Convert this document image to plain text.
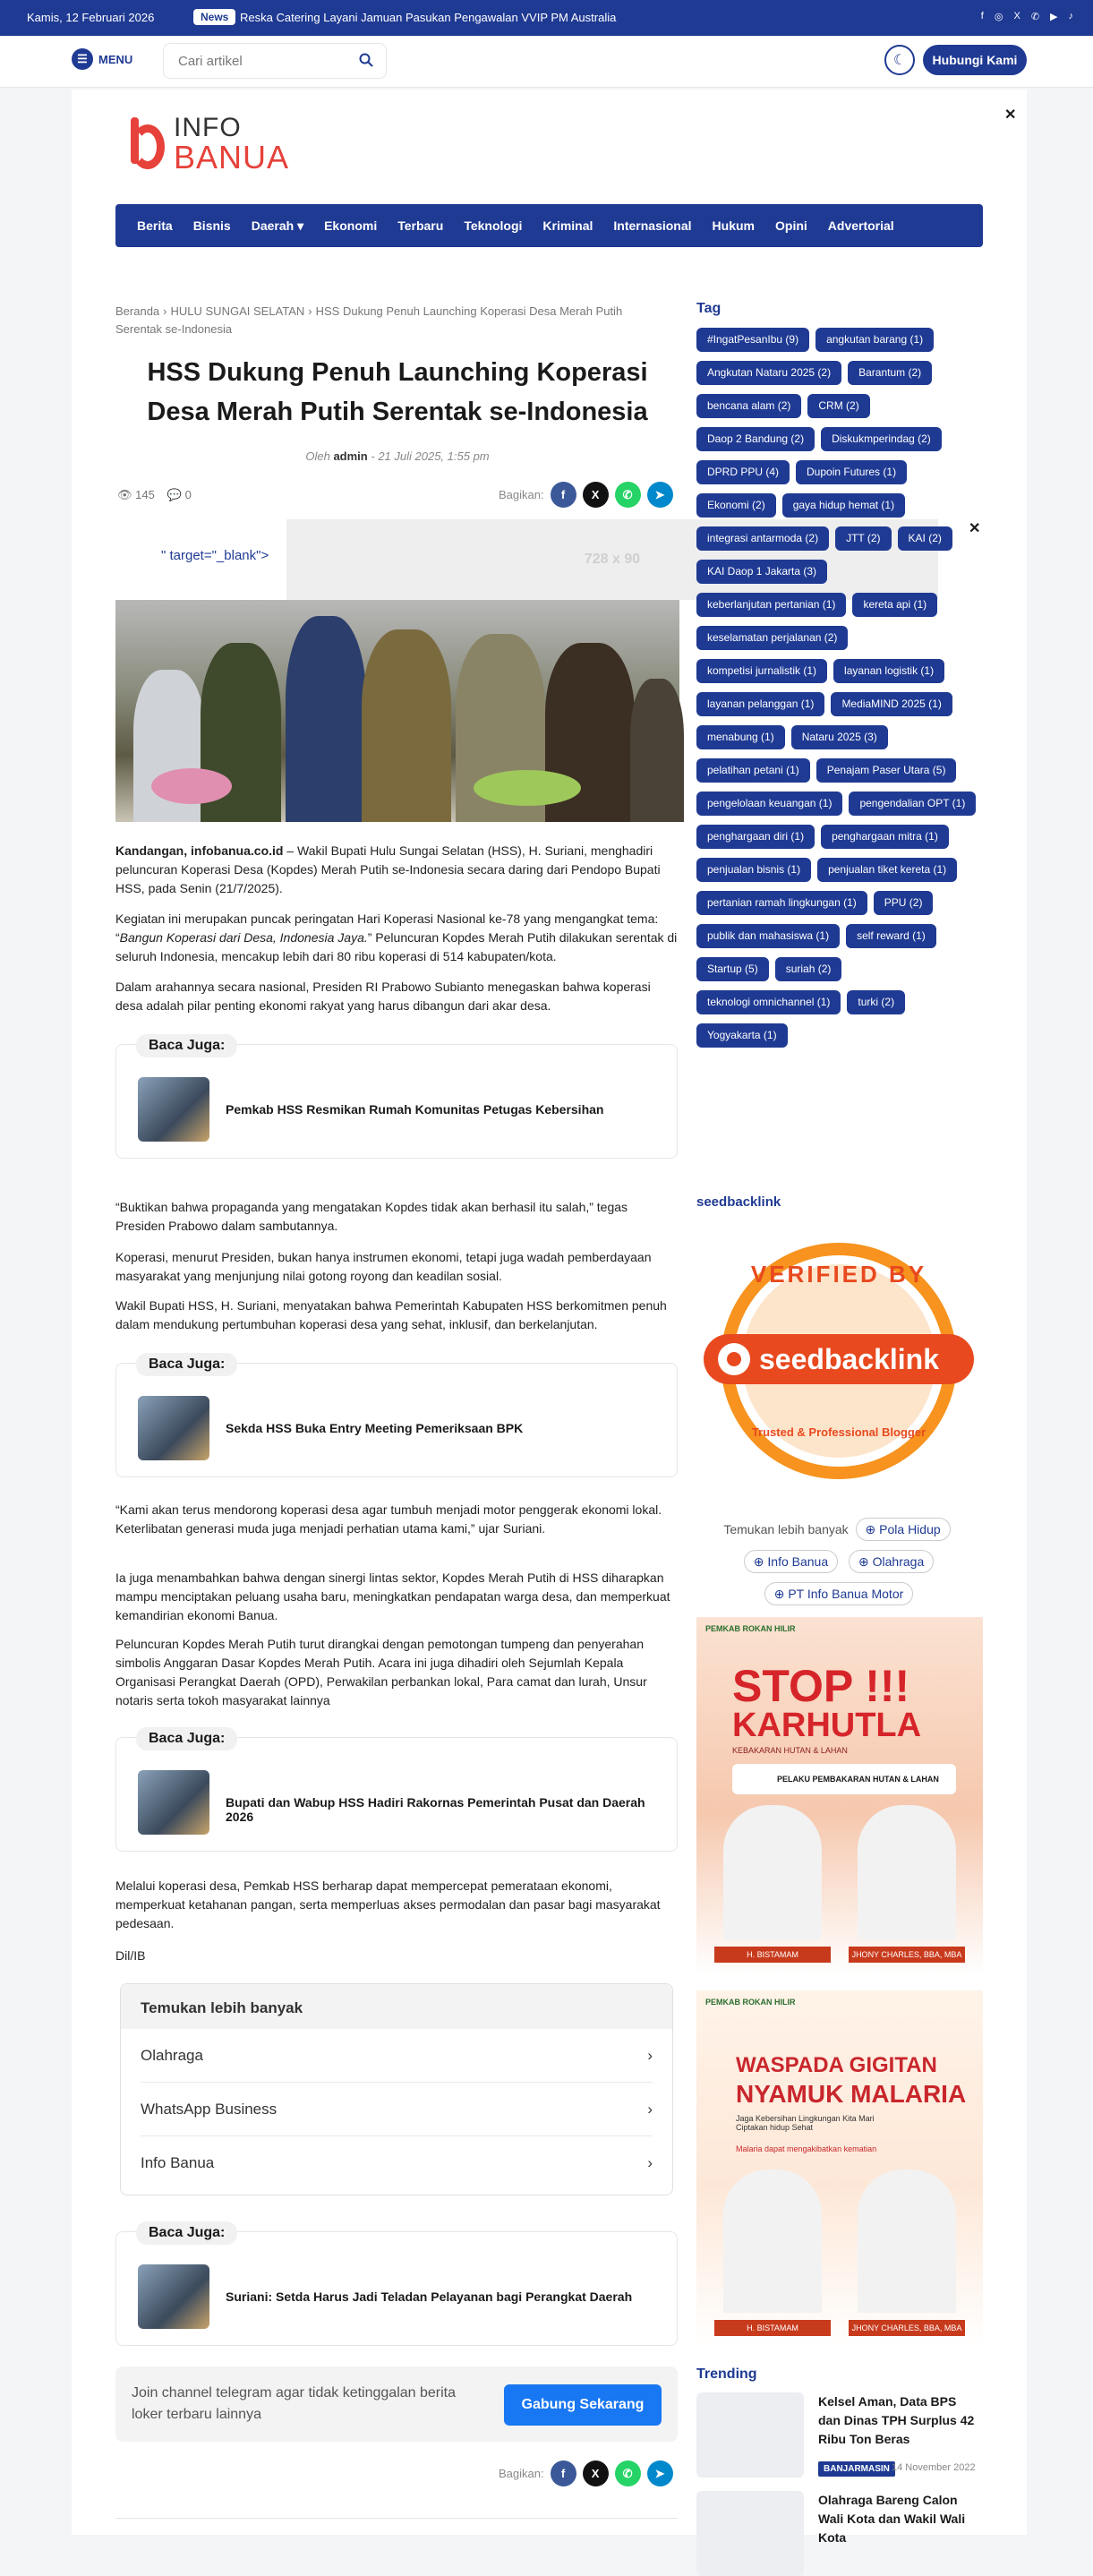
Kamis, 12 Februari 2026	News Reska Catering Layani Jamuan Pasukan Pengawalan VVIP PM Australia	f ◎ X ✆ ▶ ♪
☰ MENU	Cari artikel	☾	Hubungi Kami
✕
INFO
BANUA
Berita Bisnis Daerah ▾ Ekonomi Terbaru Teknologi Kriminal Internasional Hukum Opini Advertorial
Beranda › HULU SUNGAI SELATAN › HSS Dukung Penuh Launching Koperasi Desa Merah Putih Serentak se-Indonesia
HSS Dukung Penuh Launching Koperasi Desa Merah Putih Serentak se-Indonesia
Oleh admin - 21 Juli 2025, 1:55 pm
👁 145 💬 0	Bagikan:	f	X	✆	➤
" target="_blank">	728 x 90
✕

Kandangan, infobanua.co.id – Wakil Bupati Hulu Sungai Selatan (HSS), H. Suriani, menghadiri peluncuran Koperasi Desa (Kopdes) Merah Putih se-Indonesia secara daring dari Pendopo Bupati HSS, pada Senin (21/7/2025).

Kegiatan ini merupakan puncak peringatan Hari Koperasi Nasional ke-78 yang mengangkat tema: “Bangun Koperasi dari Desa, Indonesia Jaya.” Peluncuran Kopdes Merah Putih dilakukan serentak di seluruh Indonesia, mencakup lebih dari 80 ribu koperasi di 514 kabupaten/kota.

Dalam arahannya secara nasional, Presiden RI Prabowo Subianto menegaskan bahwa koperasi desa adalah pilar penting ekonomi rakyat yang harus dibangun dari akar desa.

Baca Juga:
Pemkab HSS Resmikan Rumah Komunitas Petugas Kebersihan

“Buktikan bahwa propaganda yang mengatakan Kopdes tidak akan berhasil itu salah,” tegas Presiden Prabowo dalam sambutannya.

Koperasi, menurut Presiden, bukan hanya instrumen ekonomi, tetapi juga wadah pemberdayaan masyarakat yang menjunjung nilai gotong royong dan keadilan sosial.

Wakil Bupati HSS, H. Suriani, menyatakan bahwa Pemerintah Kabupaten HSS berkomitmen penuh dalam mendukung pertumbuhan koperasi desa yang sehat, inklusif, dan berkelanjutan.

Baca Juga:
Sekda HSS Buka Entry Meeting Pemeriksaan BPK

“Kami akan terus mendorong koperasi desa agar tumbuh menjadi motor penggerak ekonomi lokal. Keterlibatan generasi muda juga menjadi perhatian utama kami,” ujar Suriani.

Ia juga menambahkan bahwa dengan sinergi lintas sektor, Kopdes Merah Putih di HSS diharapkan mampu menciptakan peluang usaha baru, meningkatkan pendapatan warga desa, dan memperkuat kemandirian ekonomi Banua.

Peluncuran Kopdes Merah Putih turut dirangkai dengan pemotongan tumpeng dan penyerahan simbolis Anggaran Dasar Kopdes Merah Putih. Acara ini juga dihadiri oleh Sejumlah Kepala Organisasi Perangkat Daerah (OPD), Perwakilan perbankan lokal, Para camat dan lurah, Unsur notaris serta tokoh masyarakat lainnya

Baca Juga:
Bupati dan Wabup HSS Hadiri Rakornas Pemerintah Pusat dan Daerah 2026

Melalui koperasi desa, Pemkab HSS berharap dapat mempercepat pemerataan ekonomi, memperkuat ketahanan pangan, serta memperluas akses permodalan dan pasar bagi masyarakat pedesaan.

Dil/IB

Temukan lebih banyak
Olahraga	›
WhatsApp Business	›
Info Banua	›
Baca Juga:
Suriani: Setda Harus Jadi Teladan Pelayanan bagi Perangkat Daerah
Join channel telegram agar tidak ketinggalan berita loker terbaru lainnya
Gabung Sekarang
Bagikan:	f	X	✆	➤
Tag
#IngatPesanIbu (9)	angkutan barang (1)
Angkutan Nataru 2025 (2)	Barantum (2)
bencana alam (2)	CRM (2)
Daop 2 Bandung (2)	Diskukmperindag (2)
DPRD PPU (4)	Dupoin Futures (1)
Ekonomi (2)	gaya hidup hemat (1)
integrasi antarmoda (2)	JTT (2)	KAI (2)
KAI Daop 1 Jakarta (3)
keberlanjutan pertanian (1)	kereta api (1)
keselamatan perjalanan (2)
kompetisi jurnalistik (1)	layanan logistik (1)
layanan pelanggan (1)	MediaMIND 2025 (1)
menabung (1)	Nataru 2025 (3)
pelatihan petani (1)	Penajam Paser Utara (5)
pengelolaan keuangan (1)	pengendalian OPT (1)
penghargaan diri (1)	penghargaan mitra (1)
penjualan bisnis (1)	penjualan tiket kereta (1)
pertanian ramah lingkungan (1)	PPU (2)
publik dan mahasiswa (1)	self reward (1)
Startup (5)	suriah (2)
teknologi omnichannel (1)	turki (2)
Yogyakarta (1)
seedbacklink
VERIFIED BY
seedbacklink
Trusted & Professional Blogger
Temukan lebih banyak ⊕ Pola Hidup
⊕ Info Banua ⊕ Olahraga
⊕ PT Info Banua Motor
PEMKAB ROKAN HILIR
STOP !!!
KARHUTLA
KEBAKARAN HUTAN & LAHAN
PELAKU PEMBAKARAN HUTAN & LAHAN
H. BISTAMAM	JHONY CHARLES, BBA, MBA
PEMKAB ROKAN HILIR
WASPADA GIGITAN
NYAMUK MALARIA
Jaga Kebersihan Lingkungan Kita Mari Ciptakan hidup Sehat
Malaria dapat mengakibatkan kematian
H. BISTAMAM	JHONY CHARLES, BBA, MBA
Trending
Kelsel Aman, Data BPS dan Dinas TPH Surplus 42 Ribu Ton Beras
BANJARMASIN 14 November 2022
Olahraga Bareng Calon Wali Kota dan Wakil Wali Kota
